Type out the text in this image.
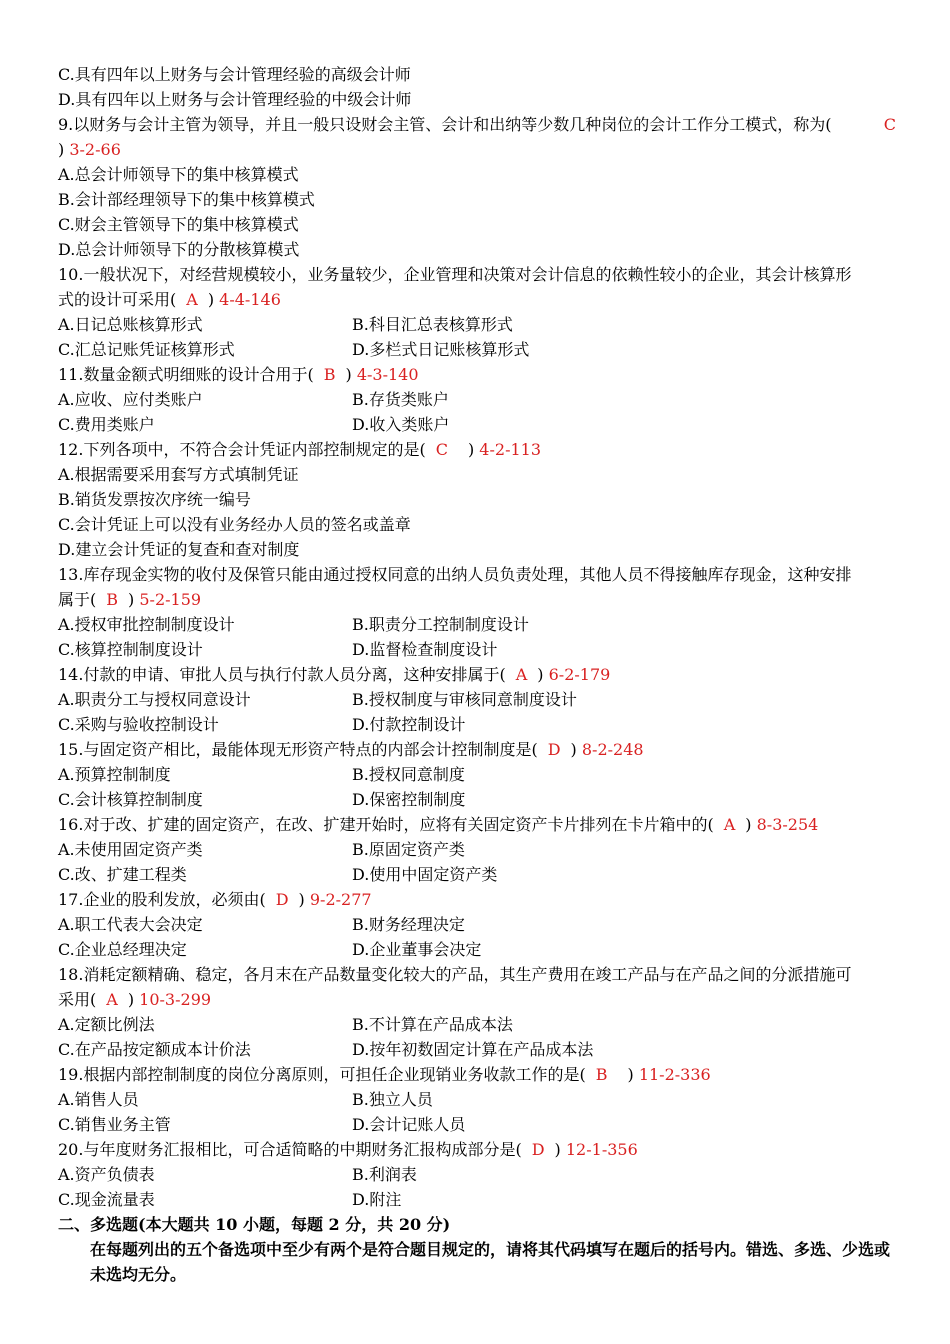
C.具有四年以上财务与会计管理经验的高级会计师
D.具有四年以上财务与会计管理经验的中级会计师
9.以财务与会计主管为领导，并且一般只设财会主管、会计和出纳等少数几种岗位的会计工作分工模式，称为(	C
) 3-2-66
A.总会计师领导下的集中核算模式
B.会计部经理领导下的集中核算模式
C.财会主管领导下的集中核算模式
D.总会计师领导下的分散核算模式
10.一般状况下，对经营规模较小，业务量较少，企业管理和决策对会计信息的依赖性较小的企业，其会计核算形
式的设计可采用( A ) 4-4-146
A.日记总账核算形式	B.科目汇总表核算形式
C.汇总记账凭证核算形式	D.多栏式日记账核算形式
11.数量金额式明细账的设计合用于( B ) 4-3-140
A.应收、应付类账户	B.存货类账户
C.费用类账户	D.收入类账户
12.下列各项中，不符合会计凭证内部控制规定的是( C ) 4-2-113
A.根据需要采用套写方式填制凭证
B.销货发票按次序统一编号
C.会计凭证上可以没有业务经办人员的签名或盖章
D.建立会计凭证的复查和查对制度
13.库存现金实物的收付及保管只能由通过授权同意的出纳人员负责处理，其他人员不得接触库存现金，这种安排
属于( B ) 5-2-159
A.授权审批控制制度设计	B.职责分工控制制度设计
C.核算控制制度设计	D.监督检查制度设计
14.付款的申请、审批人员与执行付款人员分离，这种安排属于( A ) 6-2-179
A.职责分工与授权同意设计	B.授权制度与审核同意制度设计
C.采购与验收控制设计	D.付款控制设计
15.与固定资产相比，最能体现无形资产特点的内部会计控制制度是( D ) 8-2-248
A.预算控制制度	B.授权同意制度
C.会计核算控制制度	D.保密控制制度
16.对于改、扩建的固定资产，在改、扩建开始时，应将有关固定资产卡片排列在卡片箱中的( A ) 8-3-254
A.未使用固定资产类	B.原固定资产类
C.改、扩建工程类	D.使用中固定资产类
17.企业的股利发放，必须由( D ) 9-2-277
A.职工代表大会决定	B.财务经理决定
C.企业总经理决定	D.企业董事会决定
18.消耗定额精确、稳定，各月末在产品数量变化较大的产品，其生产费用在竣工产品与在产品之间的分派措施可
采用( A ) 10-3-299
A.定额比例法	B.不计算在产品成本法
C.在产品按定额成本计价法	D.按年初数固定计算在产品成本法
19.根据内部控制制度的岗位分离原则，可担任企业现销业务收款工作的是( B ) 11-2-336
A.销售人员	B.独立人员
C.销售业务主管	D.会计记账人员
20.与年度财务汇报相比，可合适简略的中期财务汇报构成部分是( D ) 12-1-356
A.资产负债表	B.利润表
C.现金流量表	D.附注
二、多选题(本大题共 10 小题，每题 2 分，共 20 分)
在每题列出的五个备选项中至少有两个是符合题目规定的，请将其代码填写在题后的括号内。错选、多选、少选或未选均无分。
